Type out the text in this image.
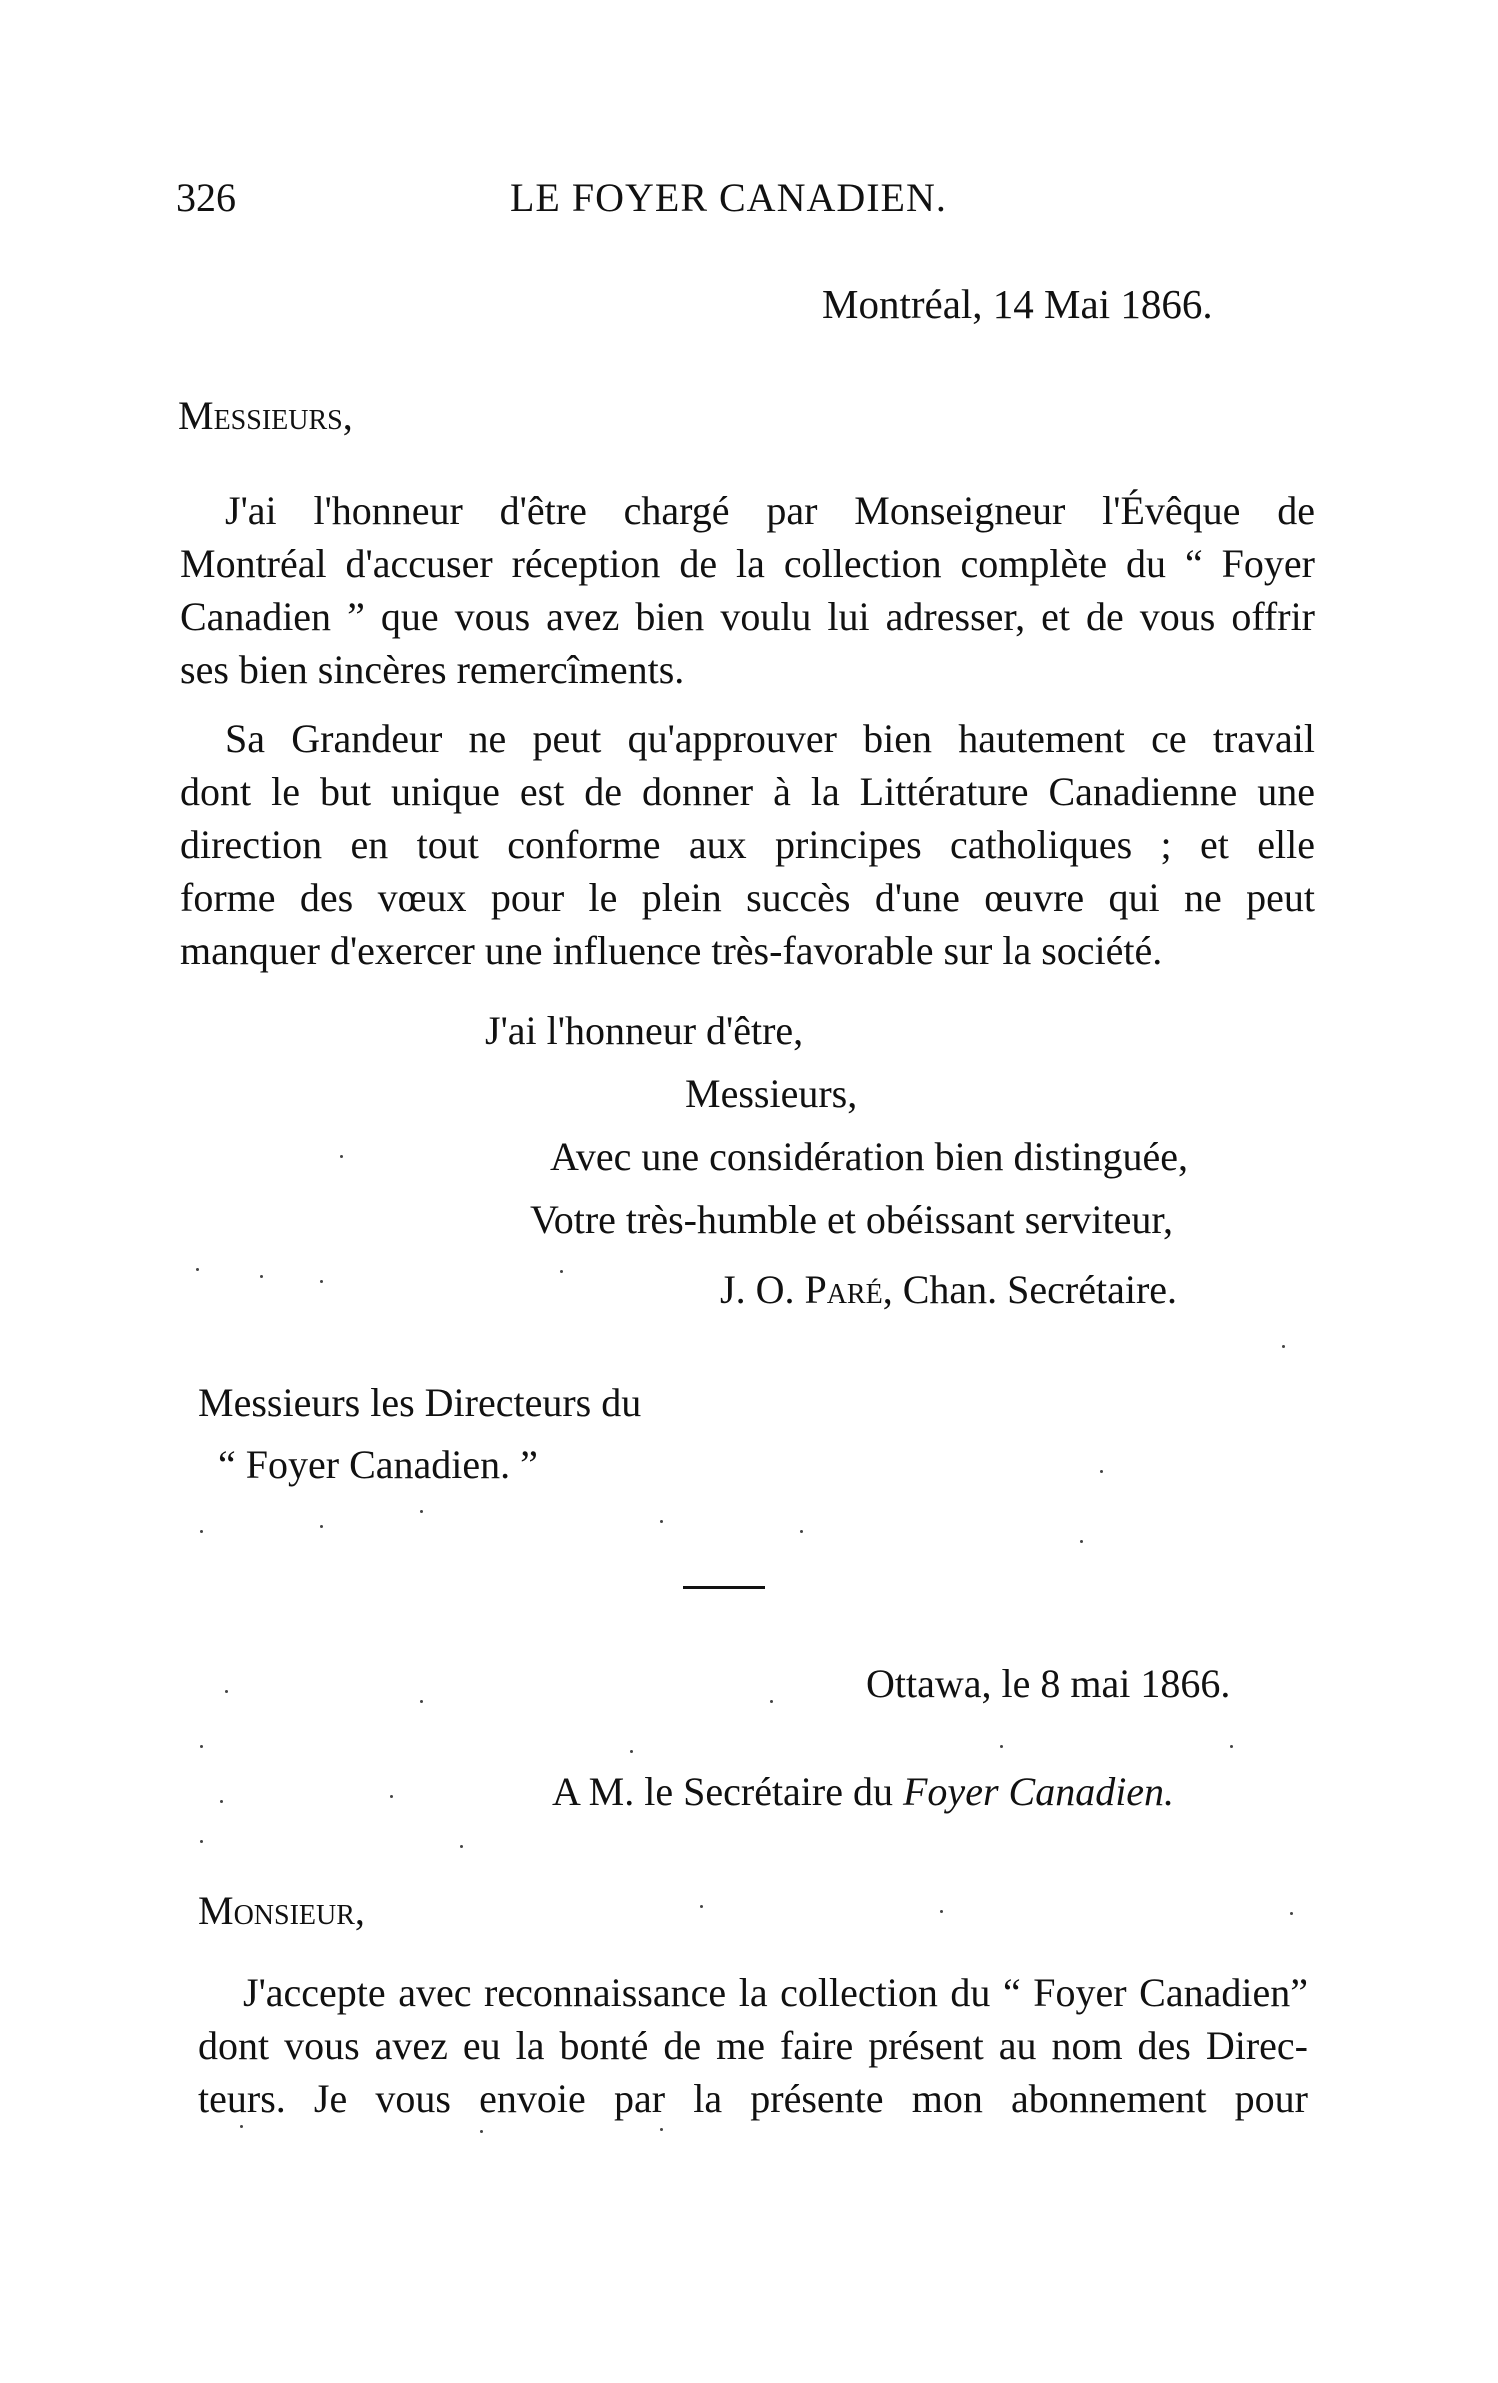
326	LE FOYER CANADIEN.
Montréal, 14 Mai 1866.
Messieurs,
J'ai l'honneur d'être chargé par Monseigneur l'Évêque de
Montréal d'accuser réception de la collection complète du “ Foyer
Canadien ” que vous avez bien voulu lui adresser, et de vous offrir
ses bien sincères remercîments.
Sa Grandeur ne peut qu'approuver bien hautement ce travail
dont le but unique est de donner à la Littérature Canadienne une
direction en tout conforme aux principes catholiques ; et elle
forme des vœux pour le plein succès d'une œuvre qui ne peut
manquer d'exercer une influence très-favorable sur la société.
J'ai l'honneur d'être,
Messieurs,
Avec une considération bien distinguée,
Votre très-humble et obéissant serviteur,
J. O. Paré, Chan. Secrétaire.
Messieurs les Directeurs du
“ Foyer Canadien. ”
Ottawa, le 8 mai 1866.
A M. le Secrétaire du Foyer Canadien.
Monsieur,
J'accepte avec reconnaissance la collection du “ Foyer Canadien”
dont vous avez eu la bonté de me faire présent au nom des Direc-
teurs. Je vous envoie par la présente mon abonnement pour
